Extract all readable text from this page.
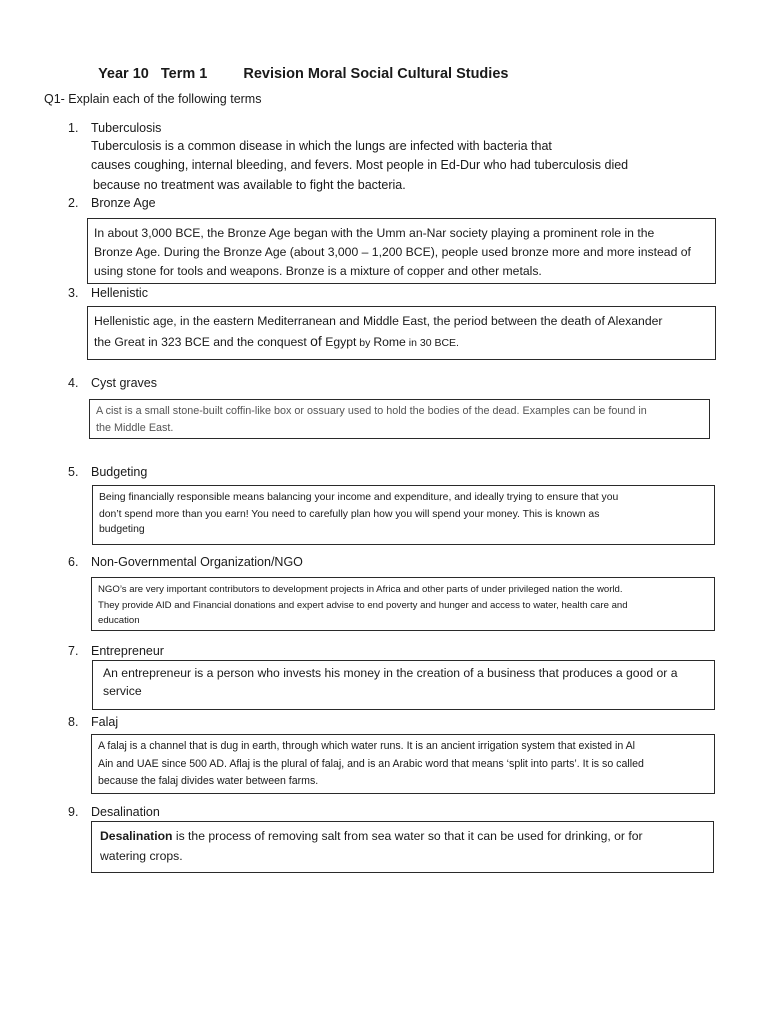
Year 10 Term 1 Revision Moral Social Cultural Studies

Q1- Explain each of the following terms
1. Tuberculosis
Tuberculosis is a common disease in which the lungs are infected with bacteria that
causes coughing, internal bleeding, and fevers. Most people in Ed-Dur who had tuberculosis died
because no treatment was available to fight the bacteria.
2. Bronze Age

In about 3,000 BCE, the Bronze Age began with the Umm an-Nar society playing a prominent role in the

Bronze Age. During the Bronze Age (about 3,000 – 1,200 BCE), people used bronze more and more instead of

using stone for tools and weapons. Bronze is a mixture of copper and other metals.

3. Hellenistic

Hellenistic age, in the eastern Mediterranean and Middle East, the period between the death of Alexander

the Great in 323 BCE and the conquest of Egypt by Rome in 30 BCE.

4. Cyst graves

A cist is a small stone-built coffin-like box or ossuary used to hold the bodies of the dead. Examples can be found in

the Middle East.

5. Budgeting

Being financially responsible means balancing your income and expenditure, and ideally trying to ensure that you

don’t spend more than you earn! You need to carefully plan how you will spend your money. This is known as

budgeting

6. Non-Governmental Organization/NGO

NGO’s are very important contributors to development projects in Africa and other parts of under privileged nation the world.

They provide AID and Financial donations and expert advise to end poverty and hunger and access to water, health care and

education

7. Entrepreneur

An entrepreneur is a person who invests his money in the creation of a business that produces a good or a

service

8. Falaj

A falaj is a channel that is dug in earth, through which water runs. It is an ancient irrigation system that existed in Al

Ain and UAE since 500 AD. Aflaj is the plural of falaj, and is an Arabic word that means ‘split into parts’. It is so called

because the falaj divides water between farms.

9. Desalination

Desalination is the process of removing salt from sea water so that it can be used for drinking, or for

watering crops.
